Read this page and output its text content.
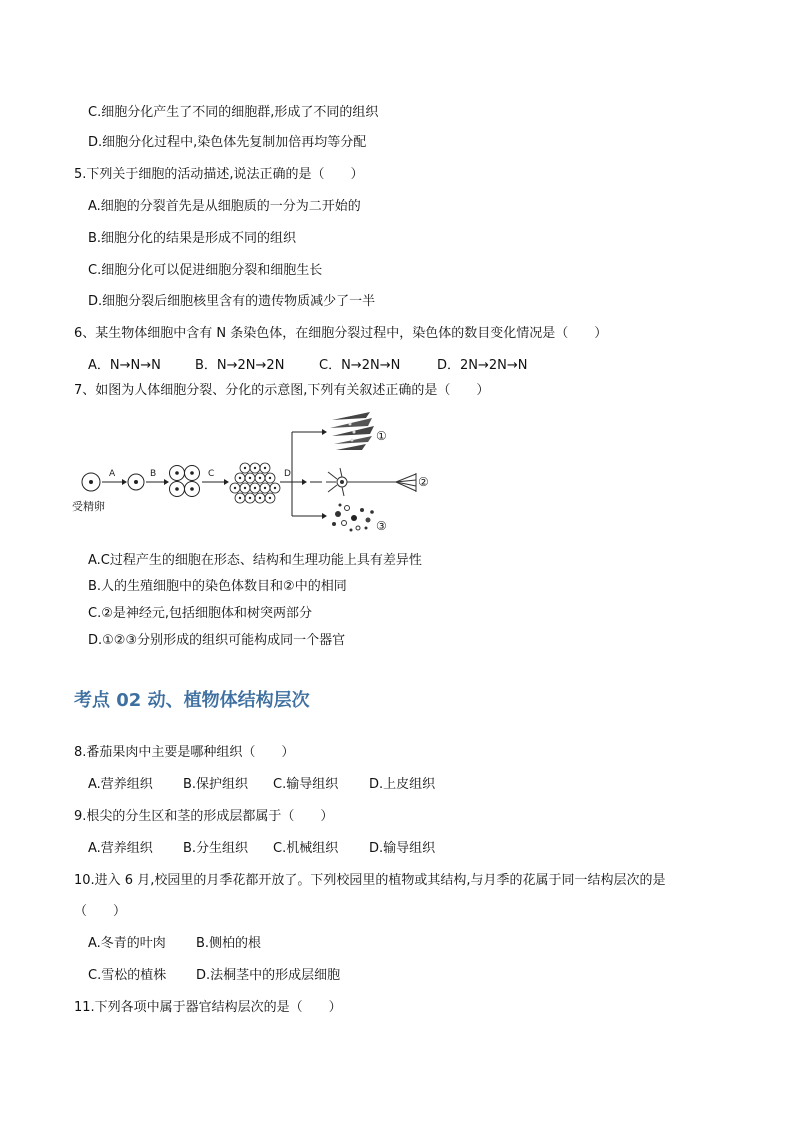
C.细胞分化产生了不同的细胞群,形成了不同的组织
D.细胞分化过程中,染色体先复制加倍再均等分配
5.下列关于细胞的活动描述,说法正确的是（　　）
A.细胞的分裂首先是从细胞质的一分为二开始的
B.细胞分化的结果是形成不同的组织
C.细胞分化可以促进细胞分裂和细胞生长
D.细胞分裂后细胞核里含有的遗传物质减少了一半
6、某生物体细胞中含有 N 条染色体，在细胞分裂过程中，染色体的数目变化情况是（　　）
A．N→N→N	B．N→2N→2N	C．N→2N→N	D．2N→2N→N
7、如图为人体细胞分裂、分化的示意图,下列有关叙述正确的是（　　）
受精卵
A	B	C	D
①
②
③
A.C过程产生的细胞在形态、结构和生理功能上具有差异性
B.人的生殖细胞中的染色体数目和②中的相同
C.②是神经元,包括细胞体和树突两部分
D.①②③分别形成的组织可能构成同一个器官
考点 02 动、植物体结构层次
8.番茄果肉中主要是哪种组织（　　）
A.营养组织 B.保护组织 C.输导组织 D.上皮组织
9.根尖的分生区和茎的形成层都属于（　　）
A.营养组织 B.分生组织 C.机械组织 D.输导组织
10.进入 6 月,校园里的月季花都开放了。下列校园里的植物或其结构,与月季的花属于同一结构层次的是
（　　）
A.冬青的叶肉 B.侧柏的根
C.雪松的植株 D.法桐茎中的形成层细胞
11.下列各项中属于器官结构层次的是（　　）
